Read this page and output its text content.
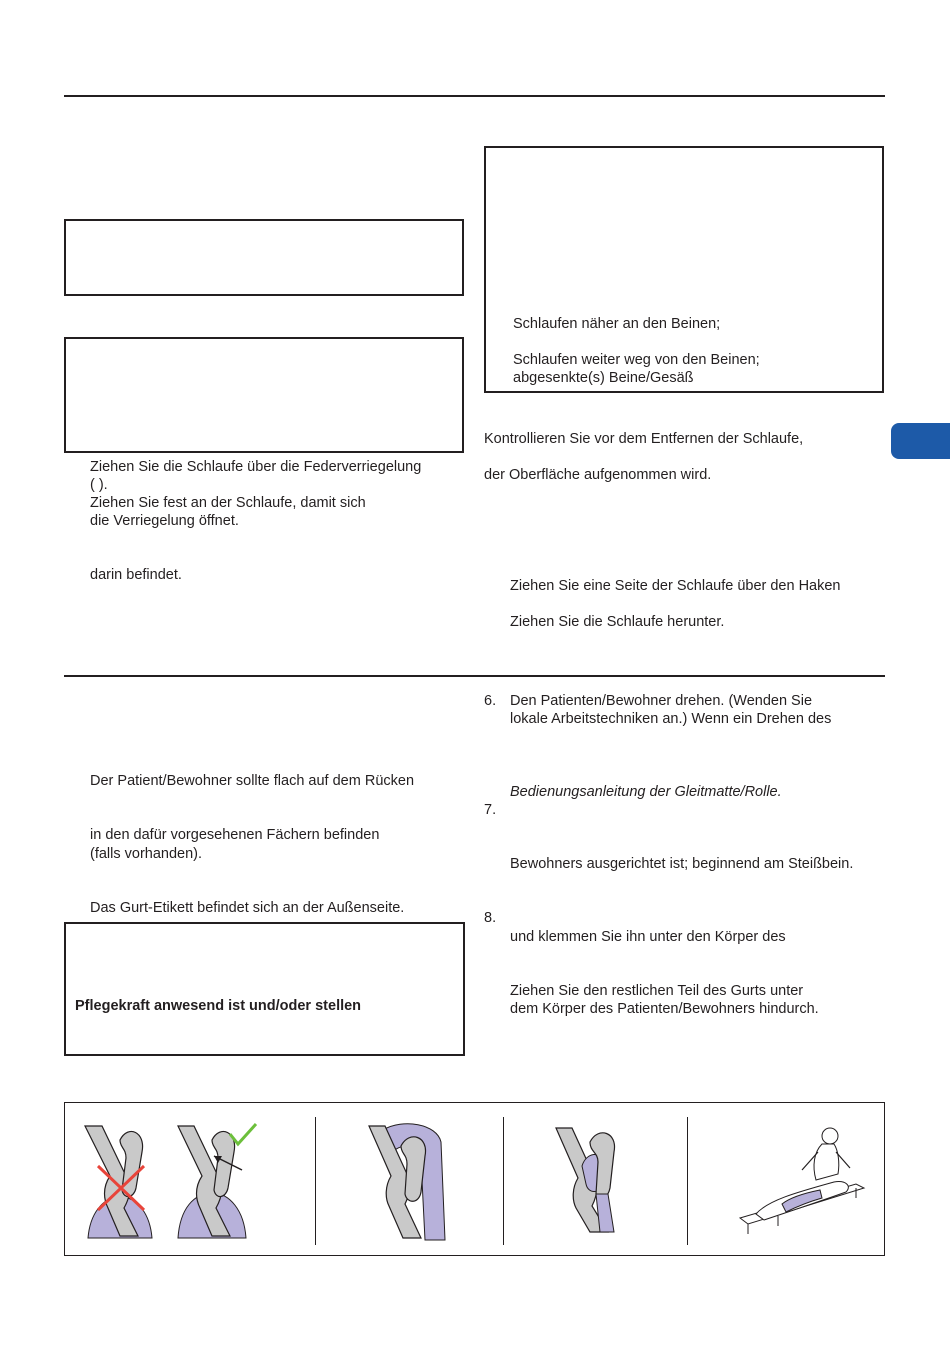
Ziehen Sie die Schlaufe über die Federverriegelung
( ).
Ziehen Sie fest an der Schlaufe, damit sich
die Verriegelung öffnet.
darin befindet.
Der Patient/Bewohner sollte flach auf dem Rücken
in den dafür vorgesehenen Fächern befinden
(falls vorhanden).
Das Gurt-Etikett befindet sich an der Außenseite.
Pflegekraft anwesend ist und/oder stellen
Schlaufen näher an den Beinen;
Schlaufen weiter weg von den Beinen;
abgesenkte(s) Beine/Gesäß
Kontrollieren Sie vor dem Entfernen der Schlaufe,
der Oberfläche aufgenommen wird.
Ziehen Sie eine Seite der Schlaufe über den Haken
Ziehen Sie die Schlaufe herunter.
6. Den Patienten/Bewohner drehen. (Wenden Sie
lokale Arbeitstechniken an.) Wenn ein Drehen des
Bedienungsanleitung der Gleitmatte/Rolle.
7.
Bewohners ausgerichtet ist; beginnend am Steißbein.
8.
und klemmen Sie ihn unter den Körper des
Ziehen Sie den restlichen Teil des Gurts unter
dem Körper des Patienten/Bewohners hindurch.
